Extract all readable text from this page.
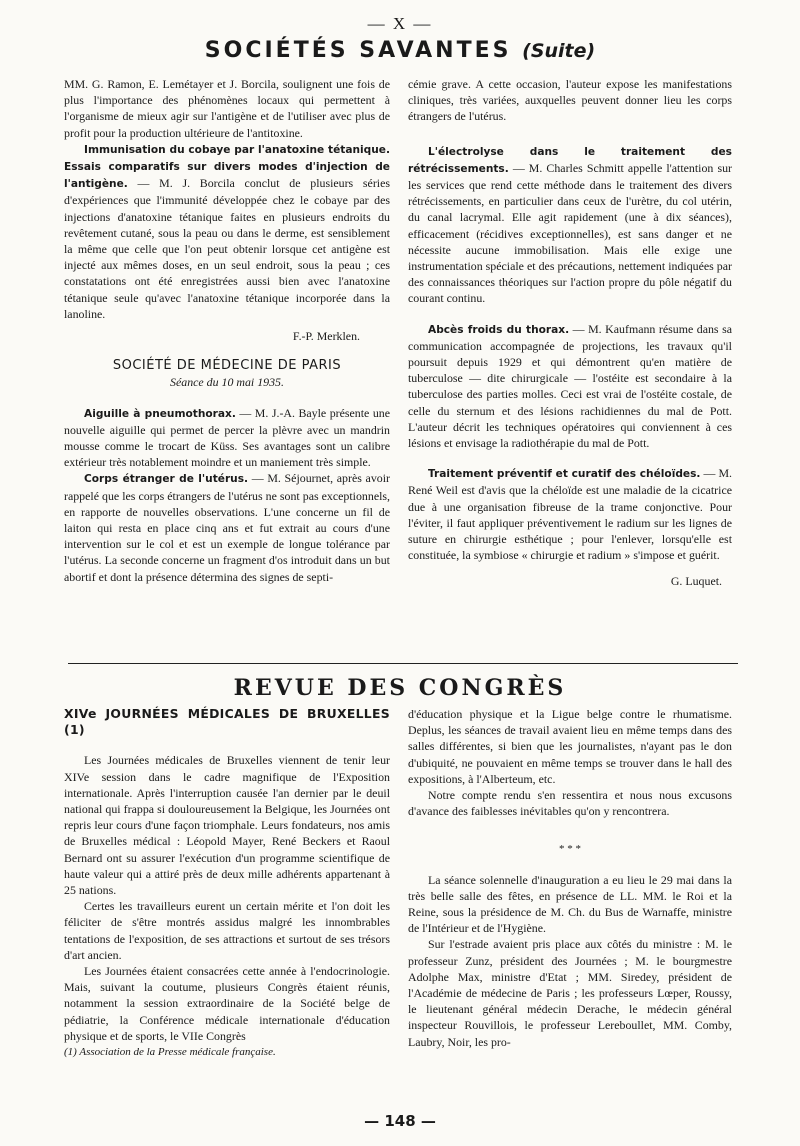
— X —
SOCIÉTÉS SAVANTES (Suite)

MM. G. Ramon, E. Lemétayer et J. Borcila, soulignent une fois de plus l'importance des phénomènes locaux qui permettent à l'organisme de mieux agir sur l'antigène et de l'utiliser avec plus de profit pour la production ultérieure de l'antitoxine.

Immunisation du cobaye par l'anatoxine tétanique. Essais comparatifs sur divers modes d'injection de l'antigène. — M. J. Borcila conclut de plusieurs séries d'expériences que l'immunité développée chez le cobaye par des injections d'anatoxine tétanique faites en plusieurs endroits du revêtement cutané, sous la peau ou dans le derme, est sensiblement la même que celle que l'on peut obtenir lorsque cet antigène est injecté aux mêmes doses, en un seul endroit, sous la peau ; ces constatations ont été enregistrées aussi bien avec l'anatoxine tétanique seule qu'avec l'anatoxine tétanique incorporée dans la lanoline.

F.-P. Merklen.

SOCIÉTÉ DE MÉDECINE DE PARIS
Séance du 10 mai 1935.

Aiguille à pneumothorax. — M. J.-A. Bayle présente une nouvelle aiguille qui permet de percer la plèvre avec un mandrin mousse comme le trocart de Küss. Ses avantages sont un calibre extérieur très notablement moindre et un maniement très simple.

Corps étranger de l'utérus. — M. Séjournet, après avoir rappelé que les corps étrangers de l'utérus ne sont pas exceptionnels, en rapporte de nouvelles observations. L'une concerne un fil de laiton qui resta en place cinq ans et fut extrait au cours d'une intervention sur le col et est un exemple de longue tolérance par l'utérus. La seconde concerne un fragment d'os introduit dans un but abortif et dont la présence détermina des signes de septi-

cémie grave. A cette occasion, l'auteur expose les manifestations cliniques, très variées, auxquelles peuvent donner lieu les corps étrangers de l'utérus.

L'électrolyse dans le traitement des rétrécissements. — M. Charles Schmitt appelle l'attention sur les services que rend cette méthode dans le traitement des divers rétrécissements, en particulier dans ceux de l'urètre, du col utérin, du canal lacrymal. Elle agit rapidement (une à dix séances), efficacement (récidives exceptionnelles), est sans danger et ne nécessite aucune immobilisation. Mais elle exige une instrumentation spéciale et des précautions, nettement indiquées par des connaissances théoriques sur l'action propre du pôle négatif du courant continu.

Abcès froids du thorax. — M. Kaufmann résume dans sa communication accompagnée de projections, les travaux qu'il poursuit depuis 1929 et qui démontrent qu'en matière de tuberculose — dite chirurgicale — l'ostéite est secondaire à la tuberculose des parties molles. Ceci est vrai de l'ostéite costale, de celle du sternum et des lésions rachidiennes du mal de Pott. L'auteur décrit les techniques opératoires qui conviennent à ces lésions et envisage la radiothérapie du mal de Pott.

Traitement préventif et curatif des chéloïdes. — M. René Weil est d'avis que la chéloïde est une maladie de la cicatrice due à une organisation fibreuse de la trame conjonctive. Pour l'éviter, il faut appliquer préventivement le radium sur les lignes de suture en chirurgie esthétique ; pour l'enlever, lorsqu'elle est constituée, la symbiose « chirurgie et radium » s'impose et guérit.

G. Luquet.

REVUE DES CONGRÈS
XIVe JOURNÉES MÉDICALES DE BRUXELLES (1)

Les Journées médicales de Bruxelles viennent de tenir leur XIVe session dans le cadre magnifique de l'Exposition internationale. Après l'interruption causée l'an dernier par le deuil national qui frappa si douloureusement la Belgique, les Journées ont repris leur cours d'une façon triomphale. Leurs fondateurs, nos amis de Bruxelles médical : Léopold Mayer, René Beckers et Raoul Bernard ont su assurer l'exécution d'un programme scientifique de haute valeur qui a attiré près de deux mille adhérents appartenant à 25 nations.

Certes les travailleurs eurent un certain mérite et l'on doit les féliciter de s'être montrés assidus malgré les innombrables tentations de l'exposition, de ses attractions et surtout de ses trésors d'art ancien.

Les Journées étaient consacrées cette année à l'endocrinologie. Mais, suivant la coutume, plusieurs Congrès étaient réunis, notamment la session extraordinaire de la Société belge de pédiatrie, la Conférence médicale internationale d'éducation physique et de sports, le VIIe Congrès

(1) Association de la Presse médicale française.

d'éducation physique et la Ligue belge contre le rhumatisme. Deplus, les séances de travail avaient lieu en même temps dans des salles différentes, si bien que les journalistes, n'ayant pas le don d'ubiquité, ne pouvaient en même temps se trouver dans le hall des expositions, à l'Alberteum, etc.

Notre compte rendu s'en ressentira et nous nous excusons d'avance des faiblesses inévitables qu'on y rencontrera.

* * *

La séance solennelle d'inauguration a eu lieu le 29 mai dans la très belle salle des fêtes, en présence de LL. MM. le Roi et la Reine, sous la présidence de M. Ch. du Bus de Warnaffe, ministre de l'Intérieur et de l'Hygiène.

Sur l'estrade avaient pris place aux côtés du ministre : M. le professeur Zunz, président des Journées ; M. le bourgmestre Adolphe Max, ministre d'Etat ; MM. Siredey, président de l'Académie de médecine de Paris ; les professeurs Lœper, Roussy, le lieutenant général médecin Derache, le médecin général inspecteur Rouvillois, le professeur Lereboullet, MM. Comby, Laubry, Noir, les pro-

— 148 —
